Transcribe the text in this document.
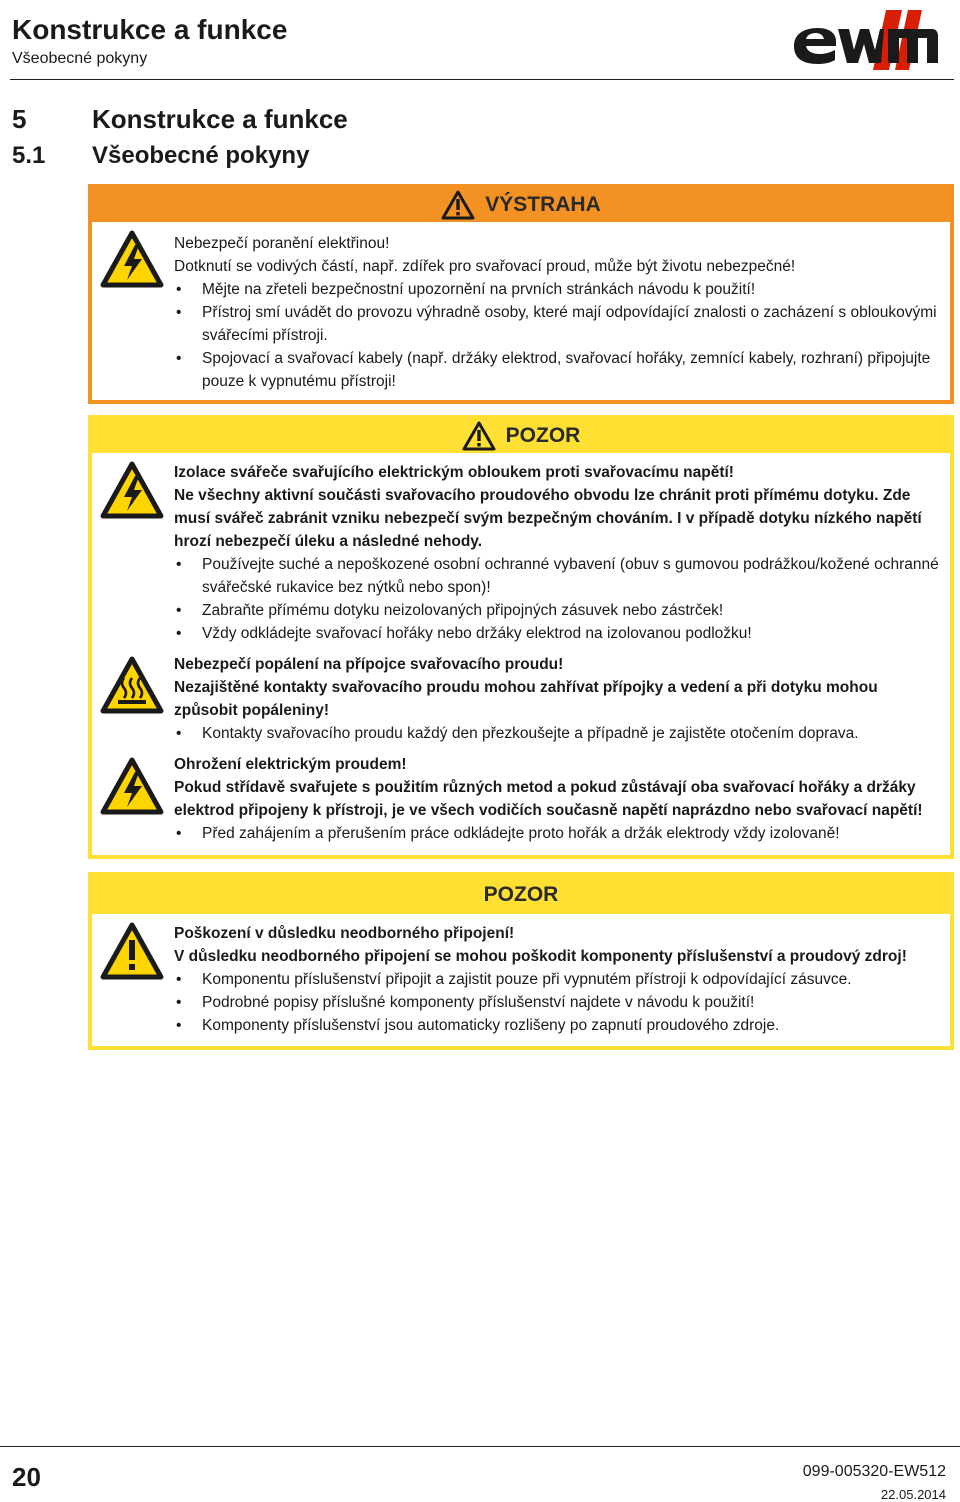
Konstrukce a funkce
Všeobecné pokyny
5	Konstrukce a funkce
5.1 Všeobecné pokyny
VÝSTRAHA
Nebezpečí poranění elektřinou!
Dotknutí se vodivých částí, např. zdířek pro svařovací proud, může být životu nebezpečné!
• Mějte na zřeteli bezpečnostní upozornění na prvních stránkách návodu k použití!
• Přístroj smí uvádět do provozu výhradně osoby, které mají odpovídající znalosti o zacházení s obloukovými svářecími přístroji.
• Spojovací a svařovací kabely (např. držáky elektrod, svařovací hořáky, zemnící kabely, rozhraní) připojujte pouze k vypnutému přístroji!
POZOR
Izolace svářeče svařujícího elektrickým obloukem proti svařovacímu napětí!
Ne všechny aktivní součásti svařovacího proudového obvodu lze chránit proti přímému dotyku. Zde musí svářeč zabránit vzniku nebezpečí svým bezpečným chováním. I v případě dotyku nízkého napětí hrozí nebezpečí úleku a následné nehody.
• Používejte suché a nepoškozené osobní ochranné vybavení (obuv s gumovou podrážkou/kožené ochranné svářečské rukavice bez nýtků nebo spon)!
• Zabraňte přímému dotyku neizolovaných připojných zásuvek nebo zástrček!
• Vždy odkládejte svařovací hořáky nebo držáky elektrod na izolovanou podložku!
Nebezpečí popálení na přípojce svařovacího proudu!
Nezajištěné kontakty svařovacího proudu mohou zahřívat přípojky a vedení a při dotyku mohou způsobit popáleniny!
• Kontakty svařovacího proudu každý den přezkoušejte a případně je zajistěte otočením doprava.
Ohrožení elektrickým proudem!
Pokud střídavě svařujete s použitím různých metod a pokud zůstávají oba svařovací hořáky a držáky elektrod připojeny k přístroji, je ve všech vodičích současně napětí naprázdno nebo svařovací napětí!
• Před zahájením a přerušením práce odkládejte proto hořák a držák elektrody vždy izolovaně!
POZOR
Poškození v důsledku neodborného připojení!
V důsledku neodborného připojení se mohou poškodit komponenty příslušenství a proudový zdroj!
• Komponentu příslušenství připojit a zajistit pouze při vypnutém přístroji k odpovídající zásuvce.
• Podrobné popisy příslušné komponenty příslušenství najdete v návodu k použití!
• Komponenty příslušenství jsou automaticky rozlišeny po zapnutí proudového zdroje.
20	099-005320-EW512
22.05.2014
